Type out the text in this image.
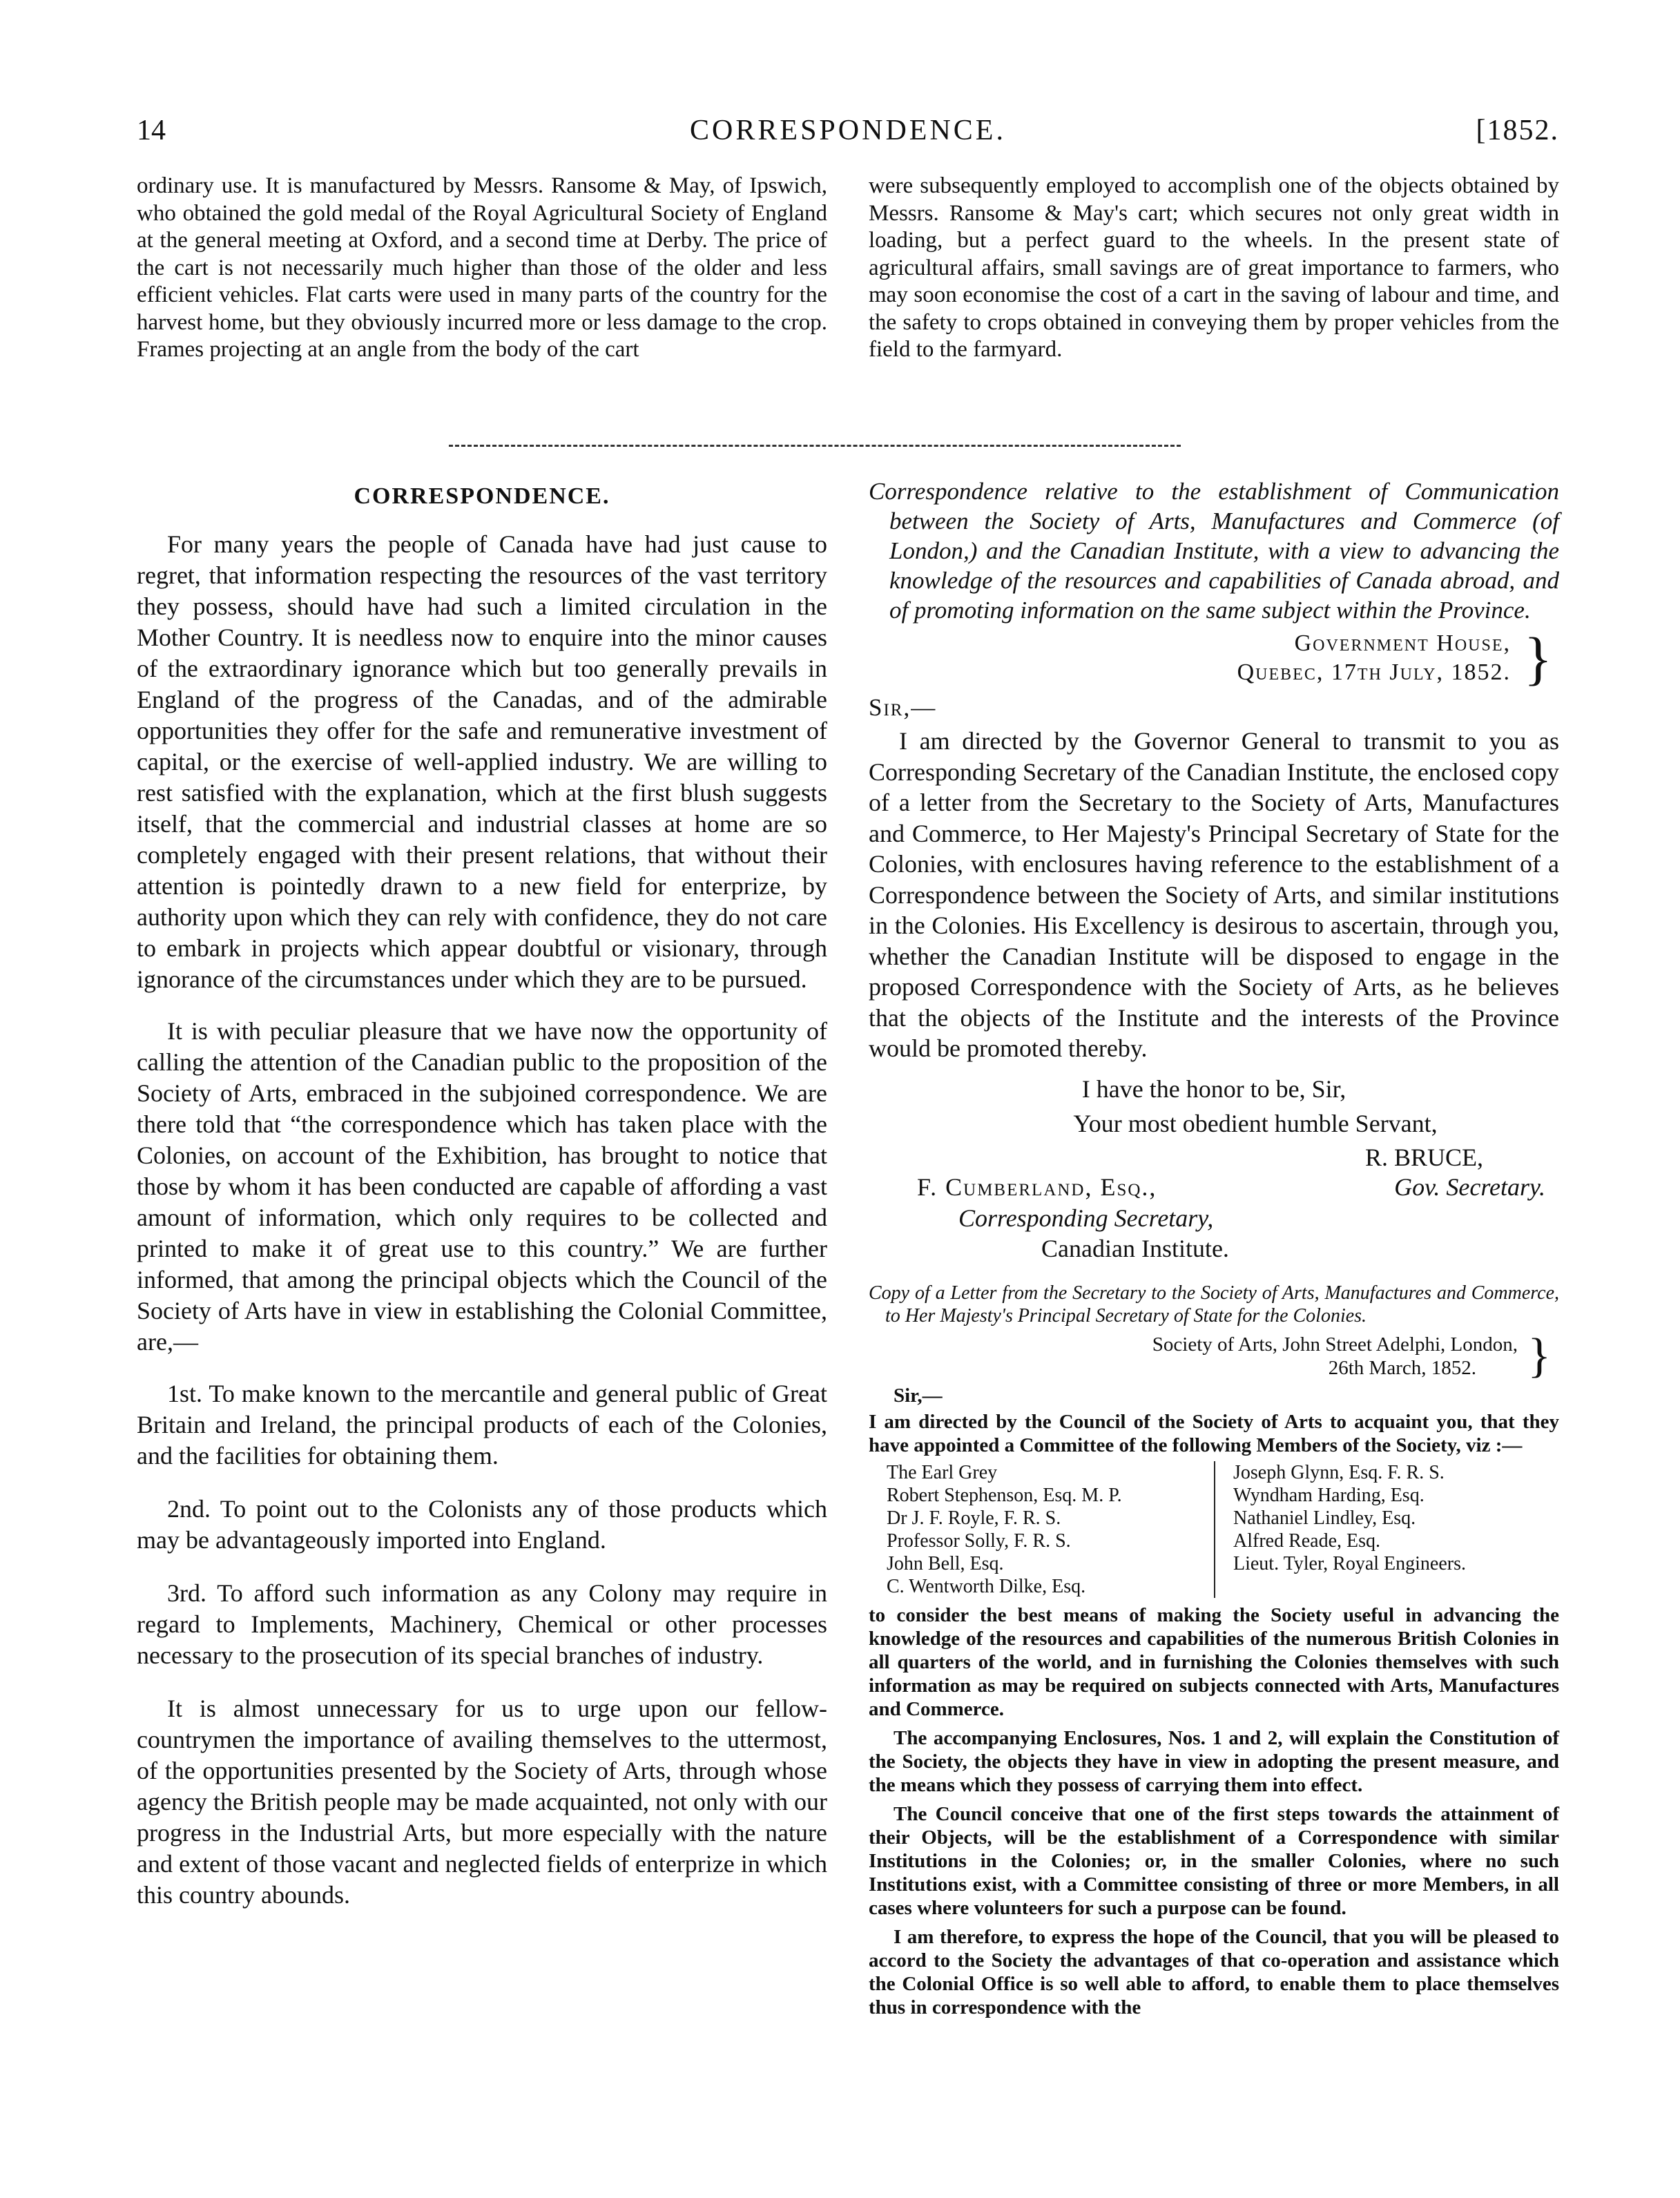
14	CORRESPONDENCE.	[1852.

ordinary use. It is manufactured by Messrs. Ransome & May, of Ipswich, who obtained the gold medal of the Royal Agricultural Society of England at the general meeting at Oxford, and a second time at Derby. The price of the cart is not necessarily much higher than those of the older and less efficient vehicles. Flat carts were used in many parts of the country for the harvest home, but they obviously incurred more or less damage to the crop. Frames projecting at an angle from the body of the cart

were subsequently employed to accomplish one of the objects obtained by Messrs. Ransome & May's cart; which secures not only great width in loading, but a perfect guard to the wheels. In the present state of agricultural affairs, small savings are of great importance to farmers, who may soon economise the cost of a cart in the saving of labour and time, and the safety to crops obtained in conveying them by proper vehicles from the field to the farmyard.

CORRESPONDENCE.

For many years the people of Canada have had just cause to regret, that information respecting the resources of the vast territory they possess, should have had such a limited circulation in the Mother Country. It is needless now to enquire into the minor causes of the extraordinary ignorance which but too generally prevails in England of the progress of the Canadas, and of the admirable opportunities they offer for the safe and remunerative investment of capital, or the exercise of well-applied industry. We are willing to rest satisfied with the explanation, which at the first blush suggests itself, that the commercial and industrial classes at home are so completely engaged with their present relations, that without their attention is pointedly drawn to a new field for enterprize, by authority upon which they can rely with confidence, they do not care to embark in projects which appear doubtful or visionary, through ignorance of the circumstances under which they are to be pursued.

It is with peculiar pleasure that we have now the opportunity of calling the attention of the Canadian public to the proposition of the Society of Arts, embraced in the subjoined correspondence. We are there told that “the correspondence which has taken place with the Colonies, on account of the Exhibition, has brought to notice that those by whom it has been conducted are capable of affording a vast amount of information, which only requires to be collected and printed to make it of great use to this country.” We are further informed, that among the principal objects which the Council of the Society of Arts have in view in establishing the Colonial Committee, are,—

1st. To make known to the mercantile and general public of Great Britain and Ireland, the principal products of each of the Colonies, and the facilities for obtaining them.

2nd. To point out to the Colonists any of those products which may be advantageously imported into England.

3rd. To afford such information as any Colony may require in regard to Implements, Machinery, Chemical or other processes necessary to the prosecution of its special branches of industry.

It is almost unnecessary for us to urge upon our fellow-countrymen the importance of availing themselves to the uttermost, of the opportunities presented by the Society of Arts, through whose agency the British people may be made acquainted, not only with our progress in the Industrial Arts, but more especially with the nature and extent of those vacant and neglected fields of enterprize in which this country abounds.

Correspondence relative to the establishment of Communication between the Society of Arts, Manufactures and Commerce (of London,) and the Canadian Institute, with a view to advancing the knowledge of the resources and capabilities of Canada abroad, and of promoting information on the same subject within the Province.
Government House,
Quebec, 17th July, 1852. }
Sir,—

I am directed by the Governor General to transmit to you as Corresponding Secretary of the Canadian Institute, the enclosed copy of a letter from the Secretary to the Society of Arts, Manufactures and Commerce, to Her Majesty's Principal Secretary of State for the Colonies, with enclosures having reference to the establishment of a Correspondence between the Society of Arts, and similar institutions in the Colonies. His Excellency is desirous to ascertain, through you, whether the Canadian Institute will be disposed to engage in the proposed Correspondence with the Society of Arts, as he believes that the objects of the Institute and the interests of the Province would be promoted thereby.

I have the honor to be, Sir,

Your most obedient humble Servant,

R. BRUCE,

F. Cumberland, Esq.,	Gov. Secretary.
Corresponding Secretary,
Canadian Institute.

Copy of a Letter from the Secretary to the Society of Arts, Manufactures and Commerce, to Her Majesty's Principal Secretary of State for the Colonies.

Society of Arts, John Street Adelphi, London,
26th March, 1852.	}

Sir,—

I am directed by the Council of the Society of Arts to acquaint you, that they have appointed a Committee of the following Members of the Society, viz :—

The Earl Grey
Robert Stephenson, Esq. M. P.
Dr J. F. Royle, F. R. S.
Professor Solly, F. R. S.
John Bell, Esq.
C. Wentworth Dilke, Esq.
Joseph Glynn, Esq. F. R. S.
Wyndham Harding, Esq.
Nathaniel Lindley, Esq.
Alfred Reade, Esq.
Lieut. Tyler, Royal Engineers.

to consider the best means of making the Society useful in advancing the knowledge of the resources and capabilities of the numerous British Colonies in all quarters of the world, and in furnishing the Colonies themselves with such information as may be required on subjects connected with Arts, Manufactures and Commerce.

The accompanying Enclosures, Nos. 1 and 2, will explain the Constitution of the Society, the objects they have in view in adopting the present measure, and the means which they possess of carrying them into effect.

The Council conceive that one of the first steps towards the attainment of their Objects, will be the establishment of a Correspondence with similar Institutions in the Colonies; or, in the smaller Colonies, where no such Institutions exist, with a Committee consisting of three or more Members, in all cases where volunteers for such a purpose can be found.

I am therefore, to express the hope of the Council, that you will be pleased to accord to the Society the advantages of that co-operation and assistance which the Colonial Office is so well able to afford, to enable them to place themselves thus in correspondence with the
